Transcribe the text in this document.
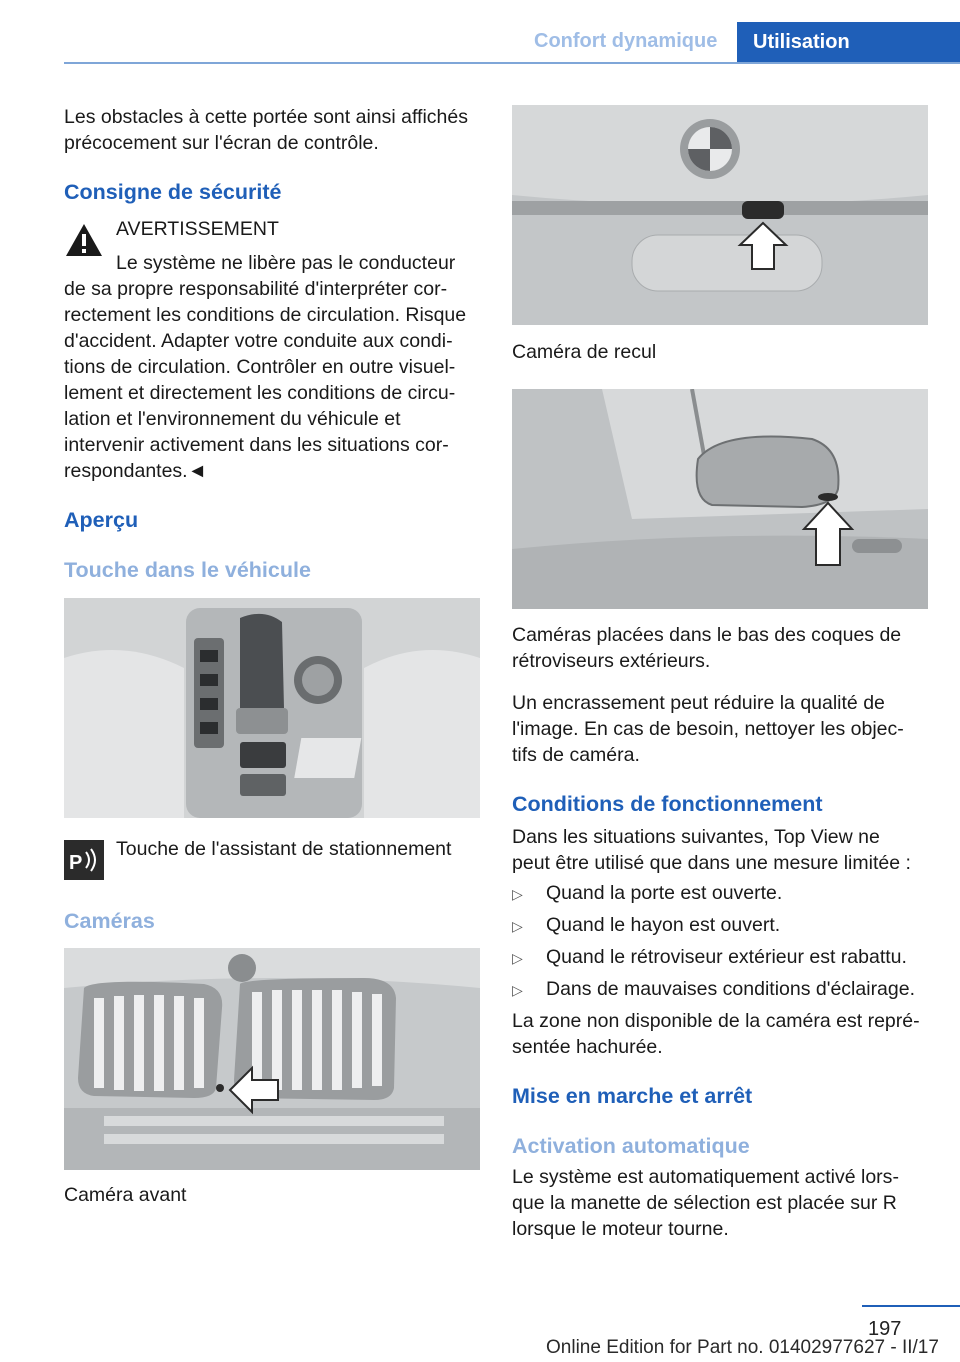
Confort dynamique Utilisation

Les obstacles à cette portée sont ainsi affichés précocement sur l'écran de contrôle.

Consigne de sécurité

AVERTISSEMENT

Le système ne libère pas le conducteur

de sa propre responsabilité d'interpréter correctement les conditions de circulation. Risque d'accident. Adapter votre conduite aux conditions de circulation. Contrôler en outre visuellement et directement les conditions de circulation et l'environnement du véhicule et intervenir activement dans les situations correspondantes.◄

Aperçu
Touche dans le véhicule
P

Touche de l'assistant de stationnement

Caméras

Caméra avant

Caméra de recul

Caméras placées dans le bas des coques de rétroviseurs extérieurs.

Un encrassement peut réduire la qualité de l'image. En cas de besoin, nettoyer les objectifs de caméra.

Conditions de fonctionnement

Dans les situations suivantes, Top View ne peut être utilisé que dans une mesure limitée :

▷ Quand la porte est ouverte.
▷ Quand le hayon est ouvert.
▷ Quand le rétroviseur extérieur est rabattu.
▷ Dans de mauvaises conditions d'éclairage.

La zone non disponible de la caméra est représentée hachurée.

Mise en marche et arrêt
Activation automatique

Le système est automatiquement activé lorsque la manette de sélection est placée sur R lorsque le moteur tourne.

197
Online Edition for Part no. 01402977627 - II/17
